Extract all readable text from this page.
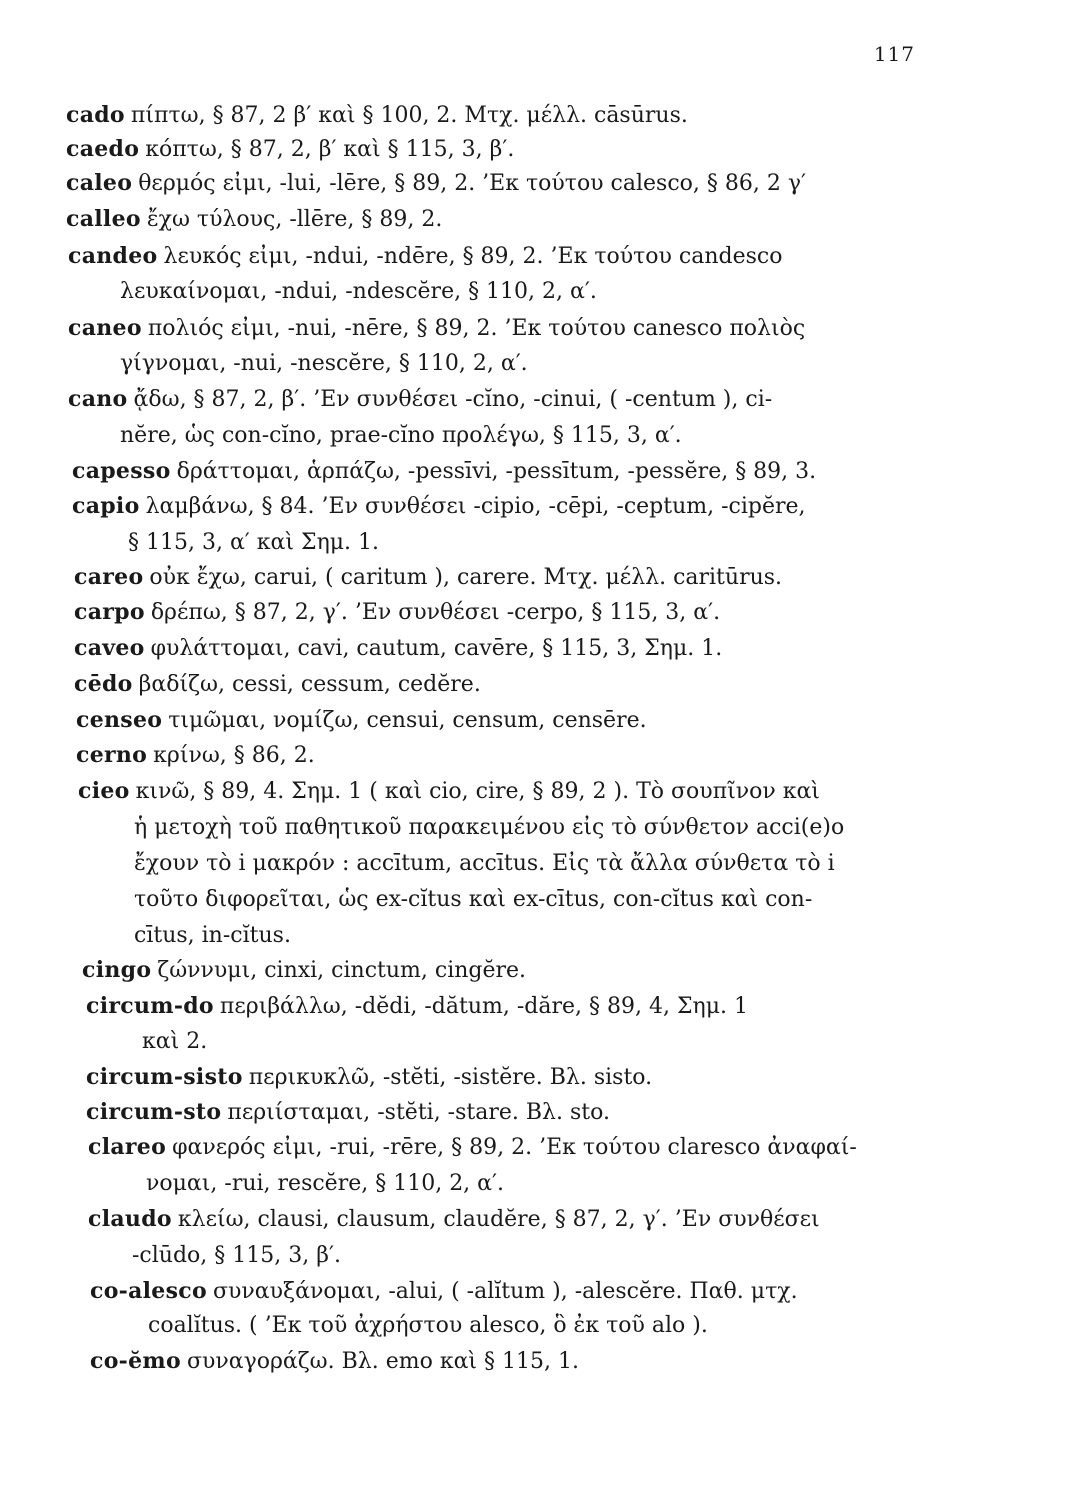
117
cado πίπτω, § 87, 2 β′ καὶ § 100, 2. Μτχ. μέλλ. cāsūrus.
caedo κόπτω, § 87, 2, β′ καὶ § 115, 3, β′.
caleo θερμός εἰμι, -lui, -lēre, § 89, 2. ’Εκ τούτου calesco, § 86, 2 γ′
calleo ἔχω τύλους, -llēre, § 89, 2.
candeo λευκός εἰμι, -ndui, -ndēre, § 89, 2. ’Εκ τούτου candesco
λευκαίνομαι, -ndui, -ndescĕre, § 110, 2, α′.
caneo πολιός εἰμι, -nui, -nēre, § 89, 2. ’Εκ τούτου canesco πολιὸς
γίγνομαι, -nui, -nescĕre, § 110, 2, α′.
cano ᾄδω, § 87, 2, β′. ’Εν συνθέσει -cĭno, -cinui, ( -centum ), ci-
nĕre, ὡς con-cĭno, prae-cĭno προλέγω, § 115, 3, α′.
capesso δράττομαι, ἁρπάζω, -pessīvi, -pessītum, -pessĕre, § 89, 3.
capio λαμβάνω, § 84. ’Εν συνθέσει -cipio, -cēpi, -ceptum, -cipĕre,
§ 115, 3, α′ καὶ Σημ. 1.
careo οὐκ ἔχω, carui, ( caritum ), carere. Μτχ. μέλλ. caritūrus.
carpo δρέπω, § 87, 2, γ′. ’Εν συνθέσει -cerpo, § 115, 3, α′.
caveo φυλάττομαι, cavi, cautum, cavēre, § 115, 3, Σημ. 1.
cēdo βαδίζω, cessi, cessum, cedĕre.
censeo τιμῶμαι, νομίζω, censui, censum, censēre.
cerno κρίνω, § 86, 2.
cieo κινῶ, § 89, 4. Σημ. 1 ( καὶ cio, cire, § 89, 2 ). Τὸ σουπῖνον καὶ
ἡ μετοχὴ τοῦ παθητικοῦ παρακειμένου εἰς τὸ σύνθετον acci(e)o
ἔχουν τὸ i μακρόν : accītum, accītus. Εἰς τὰ ἄλλα σύνθετα τὸ i
τοῦτο διφορεῖται, ὡς ex-cĭtus καὶ ex-cītus, con-cĭtus καὶ con-
cītus, in-cĭtus.
cingo ζώννυμι, cinxi, cinctum, cingĕre.
circum-do περιβάλλω, -dĕdi, -dătum, -dăre, § 89, 4, Σημ. 1
καὶ 2.
circum-sisto περικυκλῶ, -stĕti, -sistĕre. Βλ. sisto.
circum-sto περιίσταμαι, -stĕti, -stare. Βλ. sto.
clareo φανερός εἰμι, -rui, -rēre, § 89, 2. ’Εκ τούτου claresco ἀναφαί-
νομαι, -rui, rescĕre, § 110, 2, α′.
claudo κλείω, clausi, clausum, claudĕre, § 87, 2, γ′. ’Εν συνθέσει
-clūdo, § 115, 3, β′.
co-alesco συναυξάνομαι, -alui, ( -alĭtum ), -alescĕre. Παθ. μτχ.
coalĭtus. ( ’Εκ τοῦ ἀχρήστου alesco, ὃ ἐκ τοῦ alo ).
co-ĕmo συναγοράζω. Βλ. emo καὶ § 115, 1.
